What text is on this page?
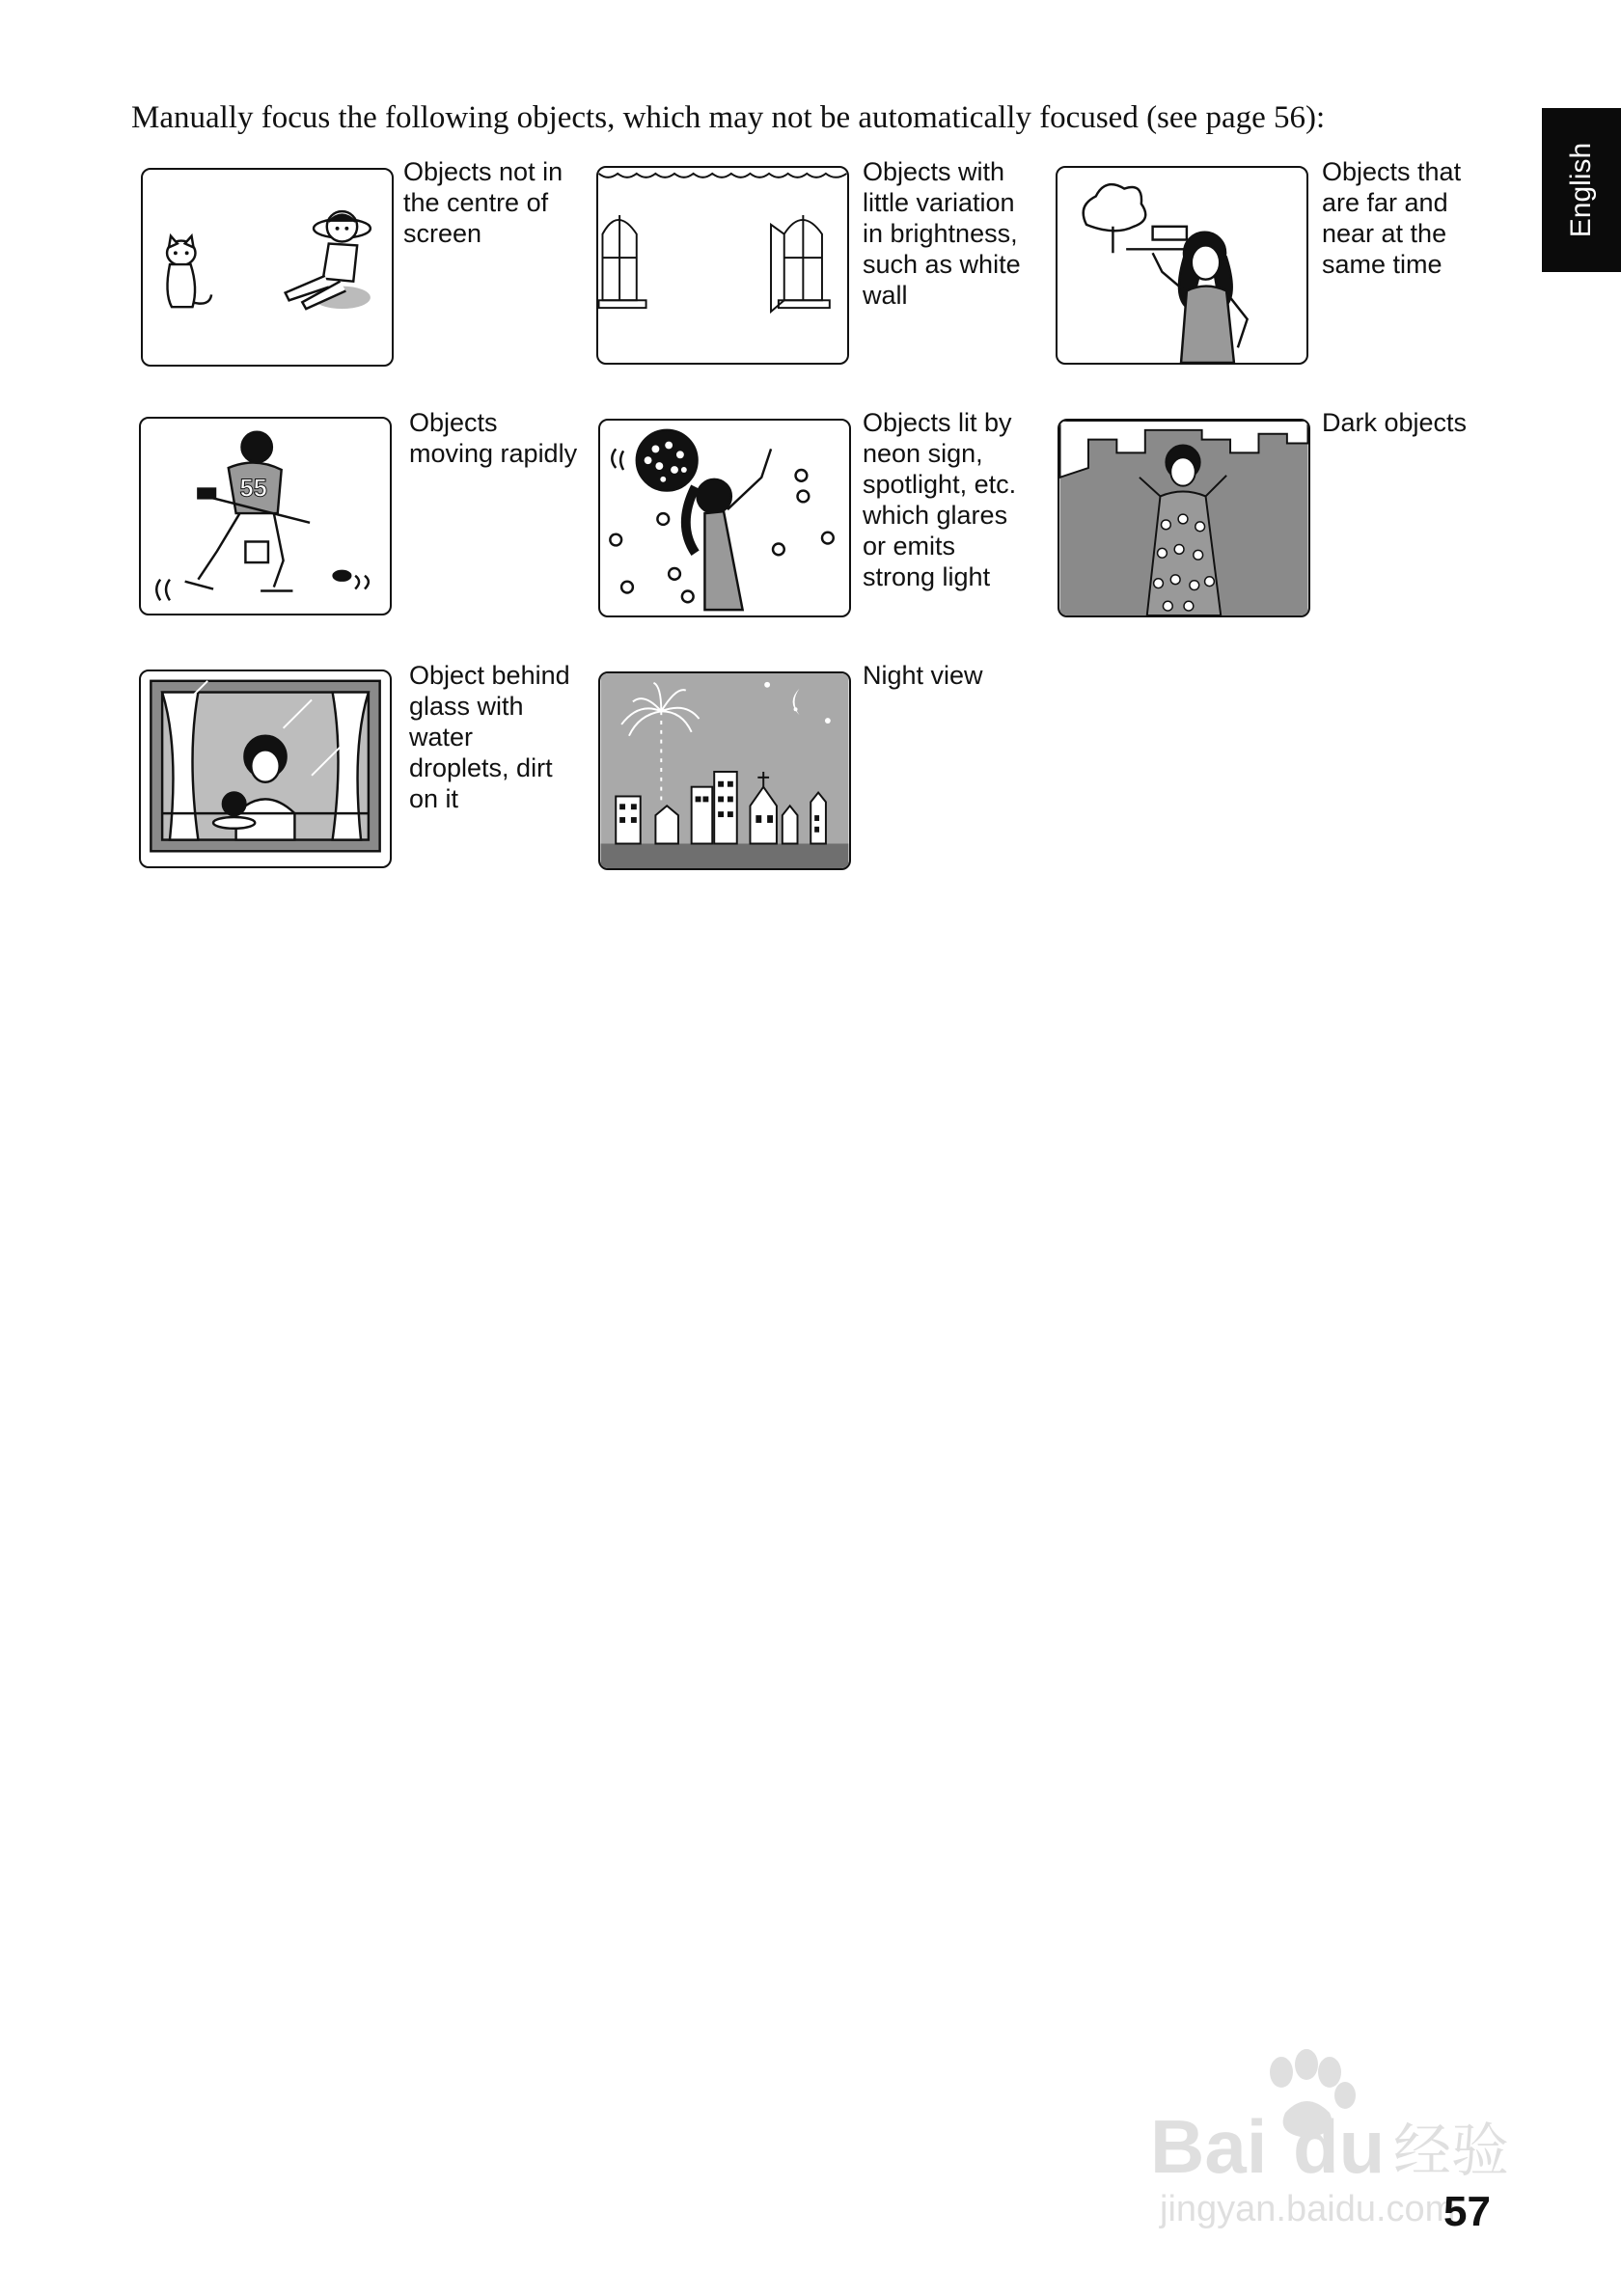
Manually focus the following objects, which may not be automatically focused (see page 56):
English
Objects not in
the centre of
screen
Objects with
little variation
in brightness,
such as white
wall
Objects that
are far and
near at the
same time
55
Objects
moving rapidly
Objects lit by
neon sign,
spotlight, etc.
which glares
or emits
strong light
Dark objects
Object behind
glass with
water
droplets, dirt
on it
Night view
Bai du 经验
jingyan.baidu.com
57
